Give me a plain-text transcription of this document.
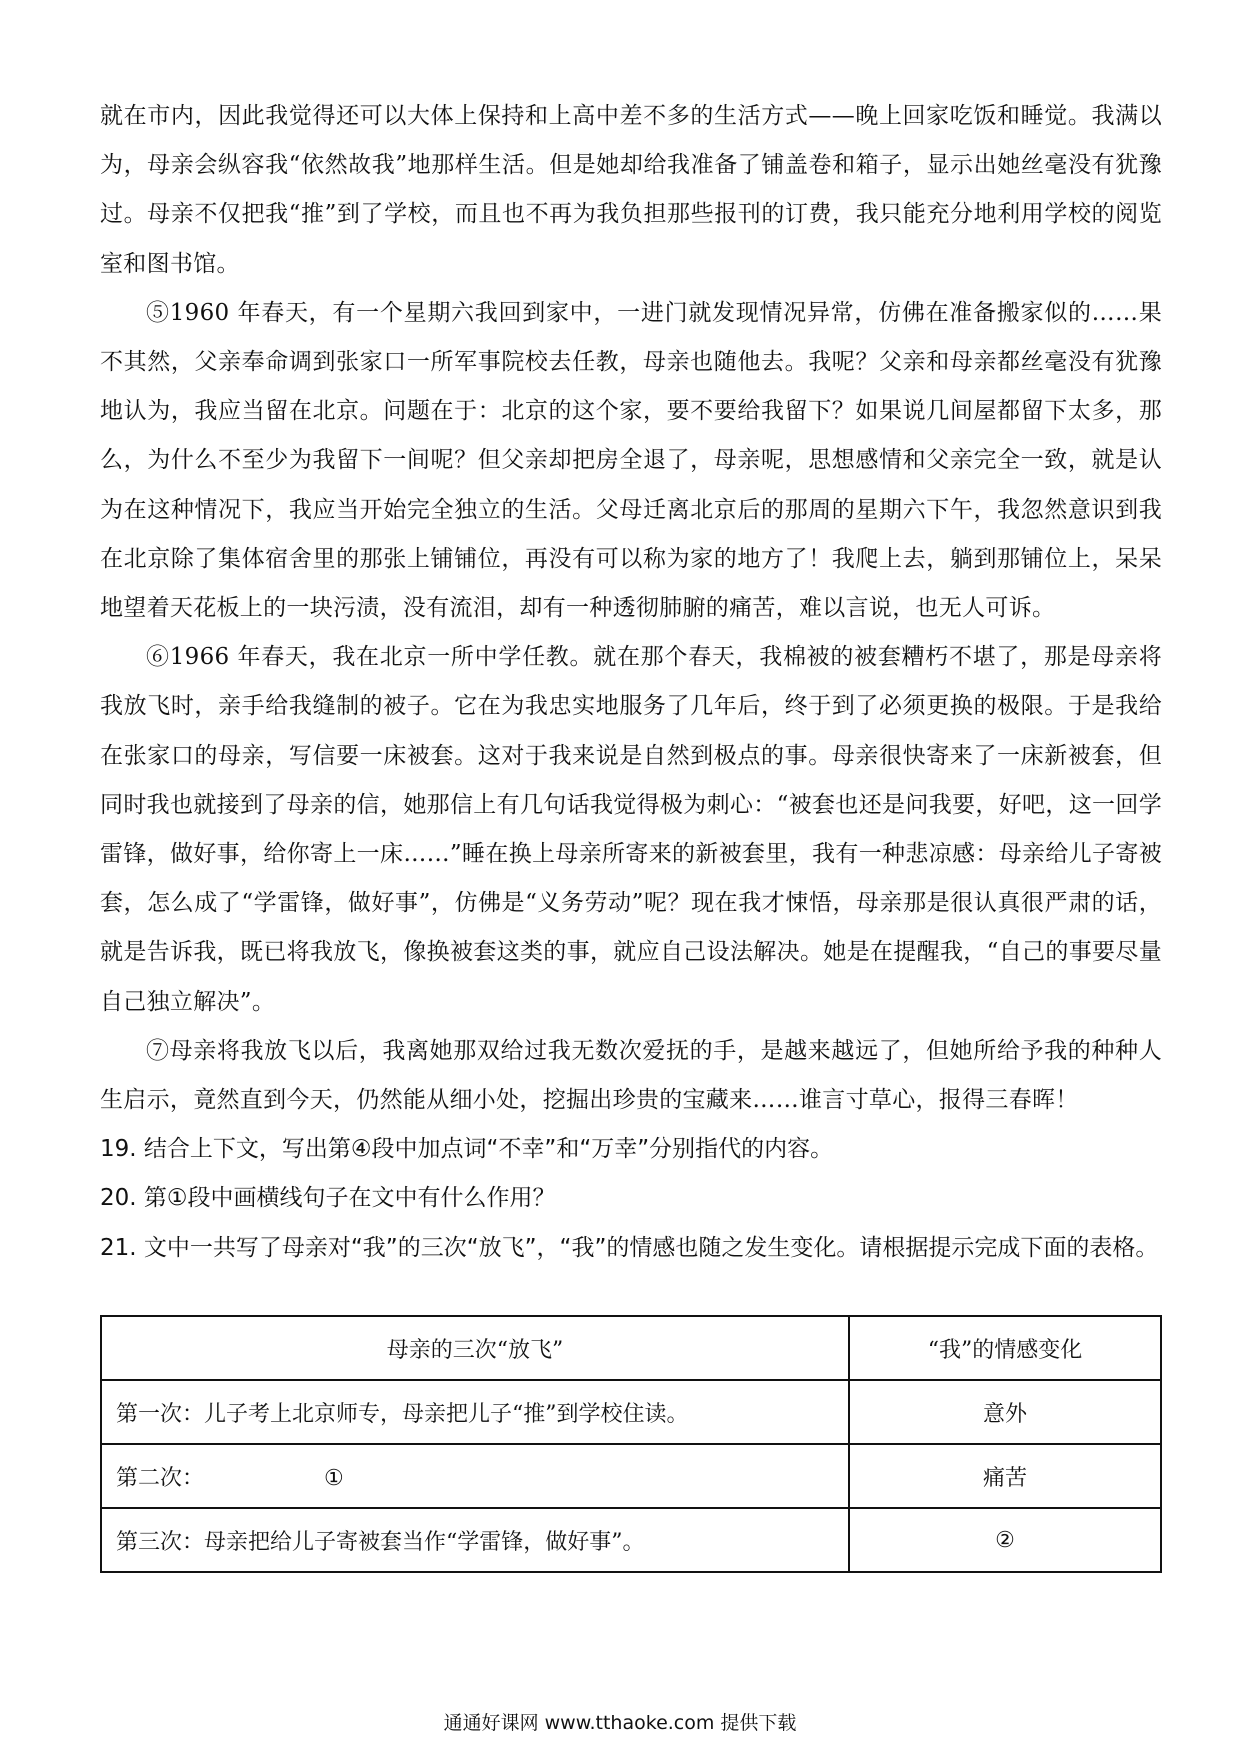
就在市内，因此我觉得还可以大体上保持和上高中差不多的生活方式——晚上回家吃饭和睡觉。我满以为，母亲会纵容我“依然故我”地那样生活。但是她却给我准备了铺盖卷和箱子，显示出她丝毫没有犹豫过。母亲不仅把我“推”到了学校，而且也不再为我负担那些报刊的订费，我只能充分地利用学校的阅览室和图书馆。

⑤1960 年春天，有一个星期六我回到家中，一进门就发现情况异常，仿佛在准备搬家似的……果不其然，父亲奉命调到张家口一所军事院校去任教，母亲也随他去。我呢？父亲和母亲都丝毫没有犹豫地认为，我应当留在北京。问题在于：北京的这个家，要不要给我留下？如果说几间屋都留下太多，那么，为什么不至少为我留下一间呢？但父亲却把房全退了，母亲呢，思想感情和父亲完全一致，就是认为在这种情况下，我应当开始完全独立的生活。父母迁离北京后的那周的星期六下午，我忽然意识到我在北京除了集体宿舍里的那张上铺铺位，再没有可以称为家的地方了！我爬上去，躺到那铺位上，呆呆地望着天花板上的一块污渍，没有流泪，却有一种透彻肺腑的痛苦，难以言说，也无人可诉。

⑥1966 年春天，我在北京一所中学任教。就在那个春天，我棉被的被套糟朽不堪了，那是母亲将我放飞时，亲手给我缝制的被子。它在为我忠实地服务了几年后，终于到了必须更换的极限。于是我给在张家口的母亲，写信要一床被套。这对于我来说是自然到极点的事。母亲很快寄来了一床新被套，但同时我也就接到了母亲的信，她那信上有几句话我觉得极为刺心：“被套也还是问我要，好吧，这一回学雷锋，做好事，给你寄上一床……”睡在换上母亲所寄来的新被套里，我有一种悲凉感：母亲给儿子寄被套，怎么成了“学雷锋，做好事”，仿佛是“义务劳动”呢？现在我才悚悟，母亲那是很认真很严肃的话，就是告诉我，既已将我放飞，像换被套这类的事，就应自己设法解决。她是在提醒我，“自己的事要尽量自己独立解决”。

⑦母亲将我放飞以后，我离她那双给过我无数次爱抚的手，是越来越远了，但她所给予我的种种人生启示，竟然直到今天，仍然能从细小处，挖掘出珍贵的宝藏来……谁言寸草心，报得三春晖！

19. 结合上下文，写出第④段中加点词“不幸”和“万幸”分别指代的内容。

20. 第①段中画横线句子在文中有什么作用？

21. 文中一共写了母亲对“我”的三次“放飞”，“我”的情感也随之发生变化。请根据提示完成下面的表格。

母亲的三次“放飞”	“我”的情感变化
第一次：儿子考上北京师专，母亲把儿子“推”到学校住读。	意外
第二次： ①	痛苦
第三次：母亲把给儿子寄被套当作“学雷锋，做好事”。	②
通通好课网 www.tthaoke.com 提供下载
